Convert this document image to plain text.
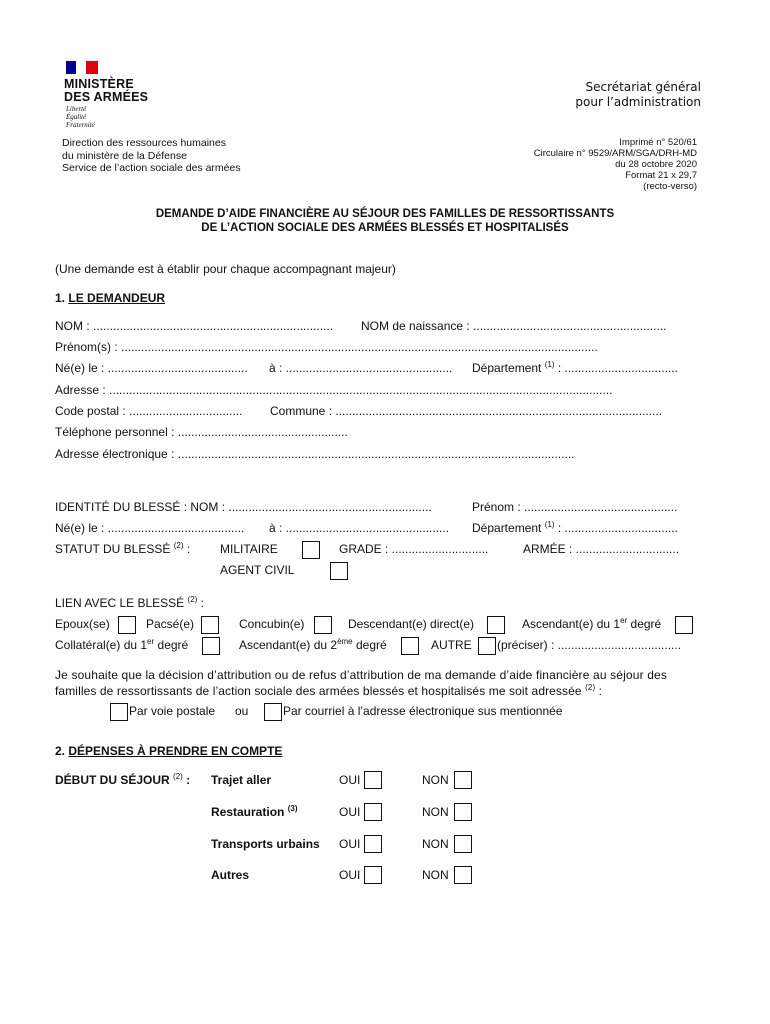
MINISTÈRE
DES ARMÉES
Liberté
Égalité
Fraternité
Secrétariat général
pour l’administration
Direction des ressources humaines
du ministère de la Défense
Service de l’action sociale des armées
Imprimé n° 520/61
Circulaire n° 9529/ARM/SGA/DRH-MD
du 28 octobre 2020
Format 21 x 29,7
(recto-verso)
DEMANDE D’AIDE FINANCIÈRE AU SÉJOUR DES FAMILLES DE RESSORTISSANTS
DE L’ACTION SOCIALE DES ARMÉES BLESSÉS ET HOSPITALISÉS
(Une demande est à établir pour chaque accompagnant majeur)
1. LE DEMANDEUR
NOM : ........................................................................ NOM de naissance : ..........................................................
Prénom(s) : ...............................................................................................................................................
Né(e) le : .......................................... à : .................................................. Département $^{(1)}$ : ..................................
Adresse : .......................................................................................................................................................
Code postal : .................................. Commune : ..................................................................................................
Téléphone personnel : ...................................................
Adresse électronique : .......................................................................................................................
IDENTITÉ DU BLESSÉ : NOM : .............................................................	Prénom : ..............................................
Né(e) le : ......................................... à : ................................................. Département $^{(1)}$ : ..................................
STATUT DU BLESSÉ $^{(2)}$ : MILITAIRE	GRADE : .............................	ARMÉE : ...............................
AGENT CIVIL
LIEN AVEC LE BLESSÉ $^{(2)}$ :
Epoux(se)	Pacsé(e)	Concubin(e)	Descendant(e) direct(e)	Ascendant(e) du 1er degré
Collatéral(e) du 1er degré	Ascendant(e) du 2ème degré	AUTRE (préciser) : .....................................
Je souhaite que la décision d’attribution ou de refus d’attribution de ma demande d’aide financière au séjour des
familles de ressortissants de l’action sociale des armées blessés et hospitalisés me soit adressée $^{(2)}$ :
Par voie postale ou	Par courriel à l’adresse électronique sus mentionnée
2. DÉPENSES À PRENDRE EN COMPTE
DÉBUT DU SÉJOUR $^{(2)}$ : Trajet aller	OUI	NON
Restauration $^{(3)}$	OUI	NON
Transports urbains OUI	NON
Autres	OUI	NON
